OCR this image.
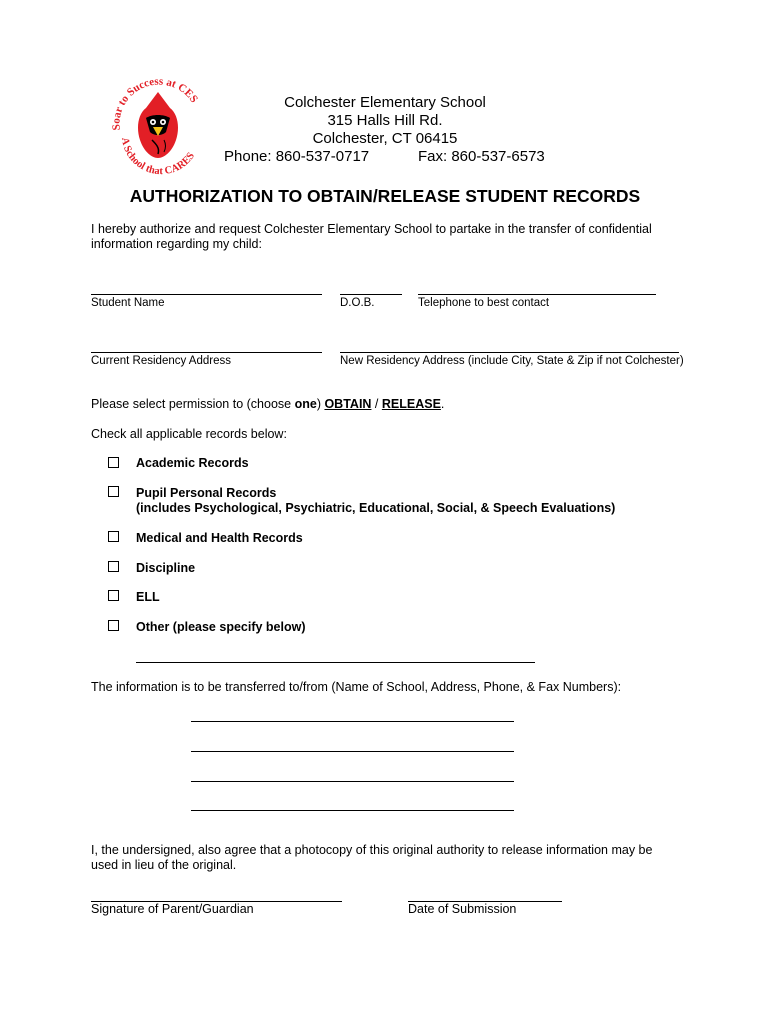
Soar to Success at CES
A School that CARES
Colchester Elementary School
315 Halls Hill Rd.
Colchester, CT 06415
Phone: 860-537-0717	Fax: 860-537-6573
AUTHORIZATION TO OBTAIN/RELEASE STUDENT RECORDS
I hereby authorize and request Colchester Elementary School to partake in the transfer of confidential
information regarding my child:
Student Name	D.O.B.	Telephone to best contact
Current Residency Address	New Residency Address (include City, State & Zip if not Colchester)
Please select permission to (choose one) OBTAIN / RELEASE.
Check all applicable records below:
Academic Records
Pupil Personal Records
(includes Psychological, Psychiatric, Educational, Social, & Speech Evaluations)
Medical and Health Records
Discipline
ELL
Other (please specify below)
The information is to be transferred to/from (Name of School, Address, Phone, & Fax Numbers):
I, the undersigned, also agree that a photocopy of this original authority to release information may be
used in lieu of the original.
Signature of Parent/Guardian	Date of Submission
